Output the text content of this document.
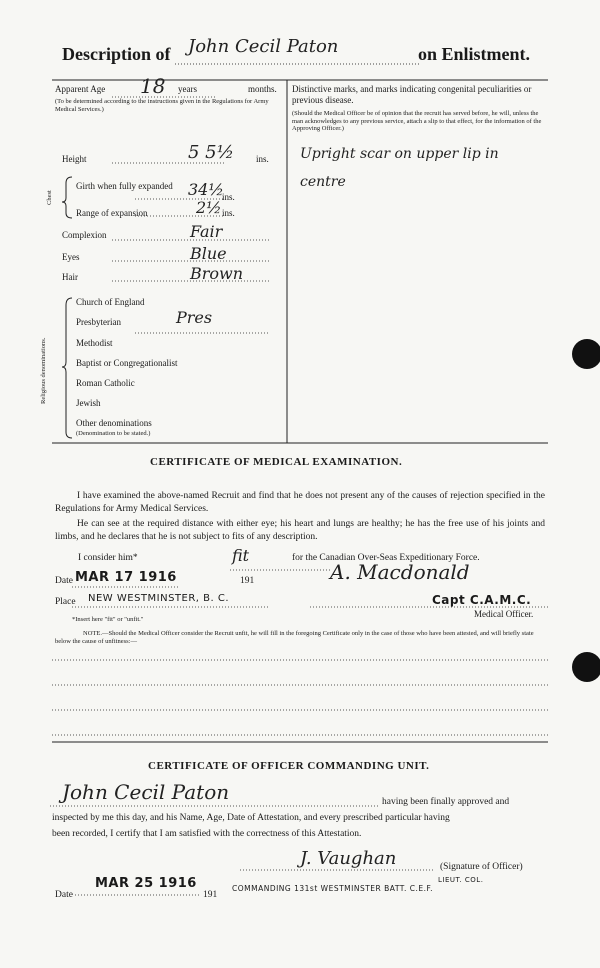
Description of John Cecil Paton	on Enlistment.
Apparent Age 18 years	months.
(To be determined according to the instructions given in the Regulations for Army Medical Services.)
Distinctive marks, and marks indicating congenital peculiarities or previous disease.
(Should the Medical Officer be of opinion that the recruit has served before, he will, unless the man acknowledges to any previous service, attach a slip to that effect, for the information of the Approving Officer.)
Upright scar on upper lip in
centre
Height	5 5½ ins.
Chest
Girth when fully expanded 34½
ins.
Range of expansion	2½ ins.
Complexion	Fair
Eyes	Blue
Hair	Brown
Religious denominations.
Church of England
Presbyterian	Pres
Methodist
Baptist or Congregationalist
Roman Catholic
Jewish
Other denominations
(Denomination to be stated.)
CERTIFICATE OF MEDICAL EXAMINATION.
I have examined the above-named Recruit and find that he does not present any of the causes of rejection specified in the Regulations for Army Medical Services.
He can see at the required distance with either eye; his heart and lungs are healthy; he has the free use of his joints and limbs, and he declares that he is not subject to fits of any description.
I consider him*	fit	for the Canadian Over-Seas Expeditionary Force.
Date MAR 17 1916	191	A. Macdonald
Place NEW WESTMINSTER, B. C.	Capt C.A.M.C.
Medical Officer.
*Insert here "fit" or "unfit."
NOTE.—Should the Medical Officer consider the Recruit unfit, he will fill in the foregoing Certificate only in the case of those who have been attested, and will briefly state below the cause of unfitness:—
CERTIFICATE OF OFFICER COMMANDING UNIT.
John Cecil Paton	having been finally approved and
inspected by me this day, and his Name, Age, Date of Attestation, and every prescribed particular having
been recorded, I certify that I am satisfied with the correctness of this Attestation.
J. Vaughan	(Signature of Officer)
LIEUT. COL.
COMMANDING 131st WESTMINSTER BATT. C.E.F.
Date
MAR 25 1916
191
